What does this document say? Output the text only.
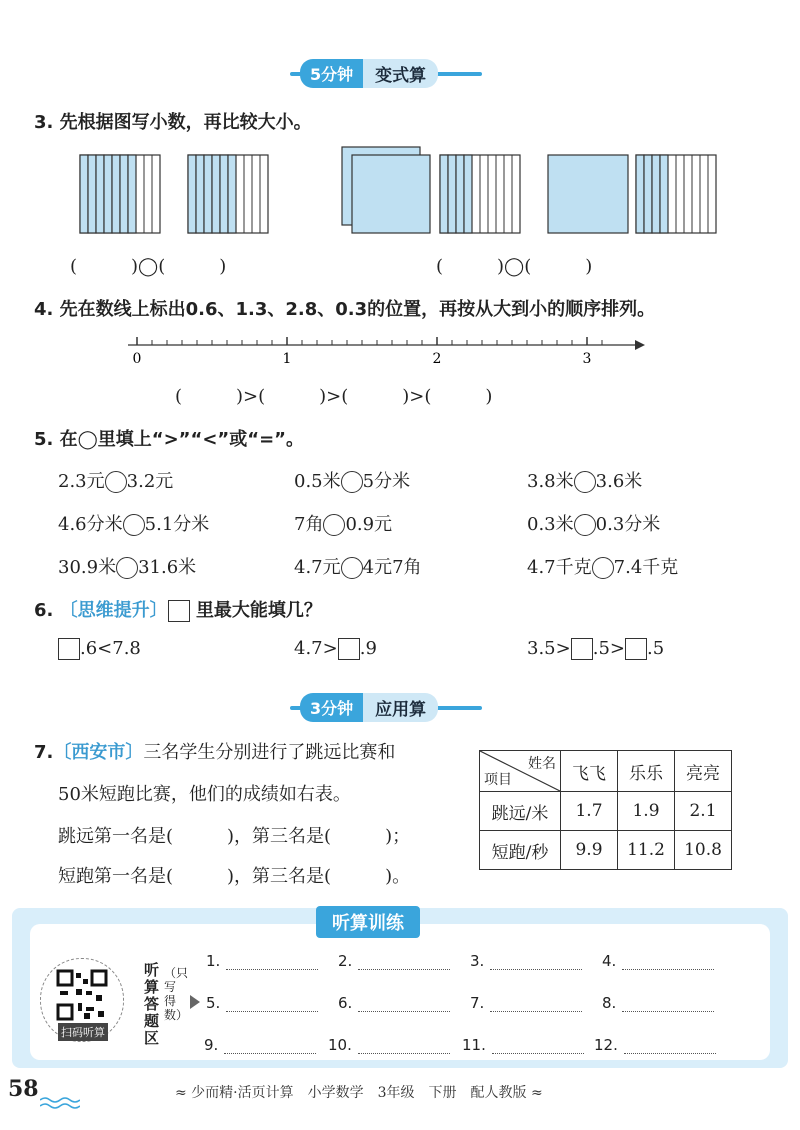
5分钟	变式算
3. 先根据图写小数，再比较大小。
(　　　)◯(　　　)	(　　　)◯(　　　)
4. 先在数线上标出0.6、1.3、2.8、0.3的位置，再按从大到小的顺序排列。
0	1	2	3
(　　　)>(　　　)>(　　　)>(　　　)
5. 在◯里填上“>”“<”或“=”。
2.3元 3.2元	0.5米 5分米	3.8米 3.6米
4.6分米 5.1分米	7角 0.9元	0.3米 0.3分米
30.9米 31.6米	4.7元 4元7角	4.7千克 7.4千克
6. 〔思维提升〕 里最大能填几？
.6<7.8	4.7> .9	3.5> .5> .5
3分钟	应用算
7.〔西安市〕三名学生分别进行了跳远比赛和
50米短跑比赛，他们的成绩如右表。
跳远第一名是(　　　)，第三名是(　　　)；
短跑第一名是(　　　)，第三名是(　　　)。
姓名
项目	飞飞	乐乐	亮亮
跳远/米	1.7	1.9	2.1
短跑/秒	9.9	11.2	10.8
听算训练
扫码听算
听算答题区
（只写得数）
1.	2.	3.	4.
5.	6.	7.	8.
9.	10.	11.	12.
58	≈ 少而精·活页计算　小学数学　3年级　下册　配人教版 ≈
